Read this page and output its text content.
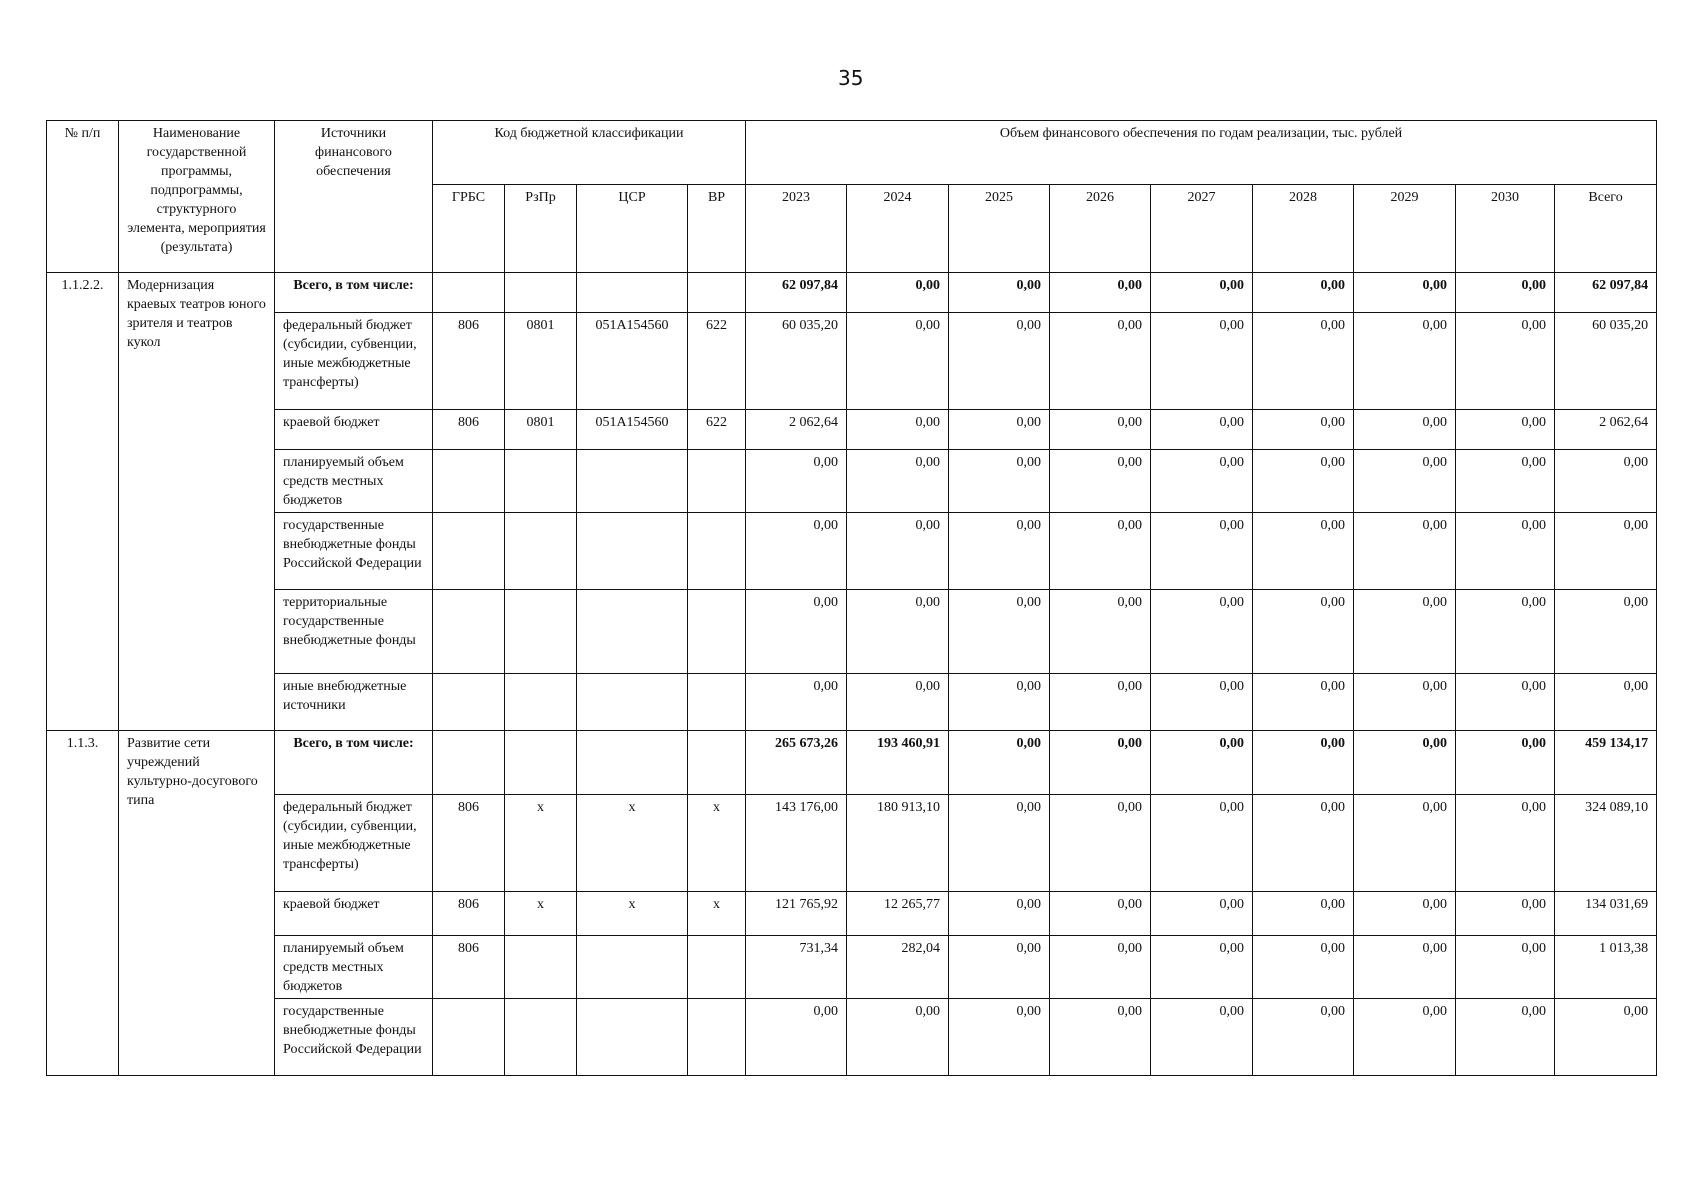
35
№ п/п	Наименование государственной программы, подпрограммы, структурного элемента, мероприятия (результата)	Источники финансового обеспечения	Код бюджетной классификации				Объем финансового обеспечения по годам реализации, тыс. рублей								
			ГРБС	РзПр	ЦСР	ВР	2023	2024	2025	2026	2027	2028	2029	2030	Всего
1.1.2.2.	Модернизация краевых театров юного зрителя и театров кукол	Всего, в том числе:					62 097,84	0,00	0,00	0,00	0,00	0,00	0,00	0,00	62 097,84
		федеральный бюджет (субсидии, субвенции, иные межбюджетные трансферты)	806	0801	051A154560	622	60 035,20	0,00	0,00	0,00	0,00	0,00	0,00	0,00	60 035,20
		краевой бюджет	806	0801	051A154560	622	2 062,64	0,00	0,00	0,00	0,00	0,00	0,00	0,00	2 062,64
		планируемый объем средств местных бюджетов					0,00	0,00	0,00	0,00	0,00	0,00	0,00	0,00	0,00
		государственные внебюджетные фонды Российской Федерации					0,00	0,00	0,00	0,00	0,00	0,00	0,00	0,00	0,00
		территориальные государственные внебюджетные фонды					0,00	0,00	0,00	0,00	0,00	0,00	0,00	0,00	0,00
		иные внебюджетные источники					0,00	0,00	0,00	0,00	0,00	0,00	0,00	0,00	0,00
1.1.3.	Развитие сети учреждений культурно-досугового типа	Всего, в том числе:					265 673,26	193 460,91	0,00	0,00	0,00	0,00	0,00	0,00	459 134,17
		федеральный бюджет (субсидии, субвенции, иные межбюджетные трансферты)	806	x	x	x	143 176,00	180 913,10	0,00	0,00	0,00	0,00	0,00	0,00	324 089,10
		краевой бюджет	806	x	x	x	121 765,92	12 265,77	0,00	0,00	0,00	0,00	0,00	0,00	134 031,69
		планируемый объем средств местных бюджетов	806				731,34	282,04	0,00	0,00	0,00	0,00	0,00	0,00	1 013,38
		государственные внебюджетные фонды Российской Федерации					0,00	0,00	0,00	0,00	0,00	0,00	0,00	0,00	0,00
